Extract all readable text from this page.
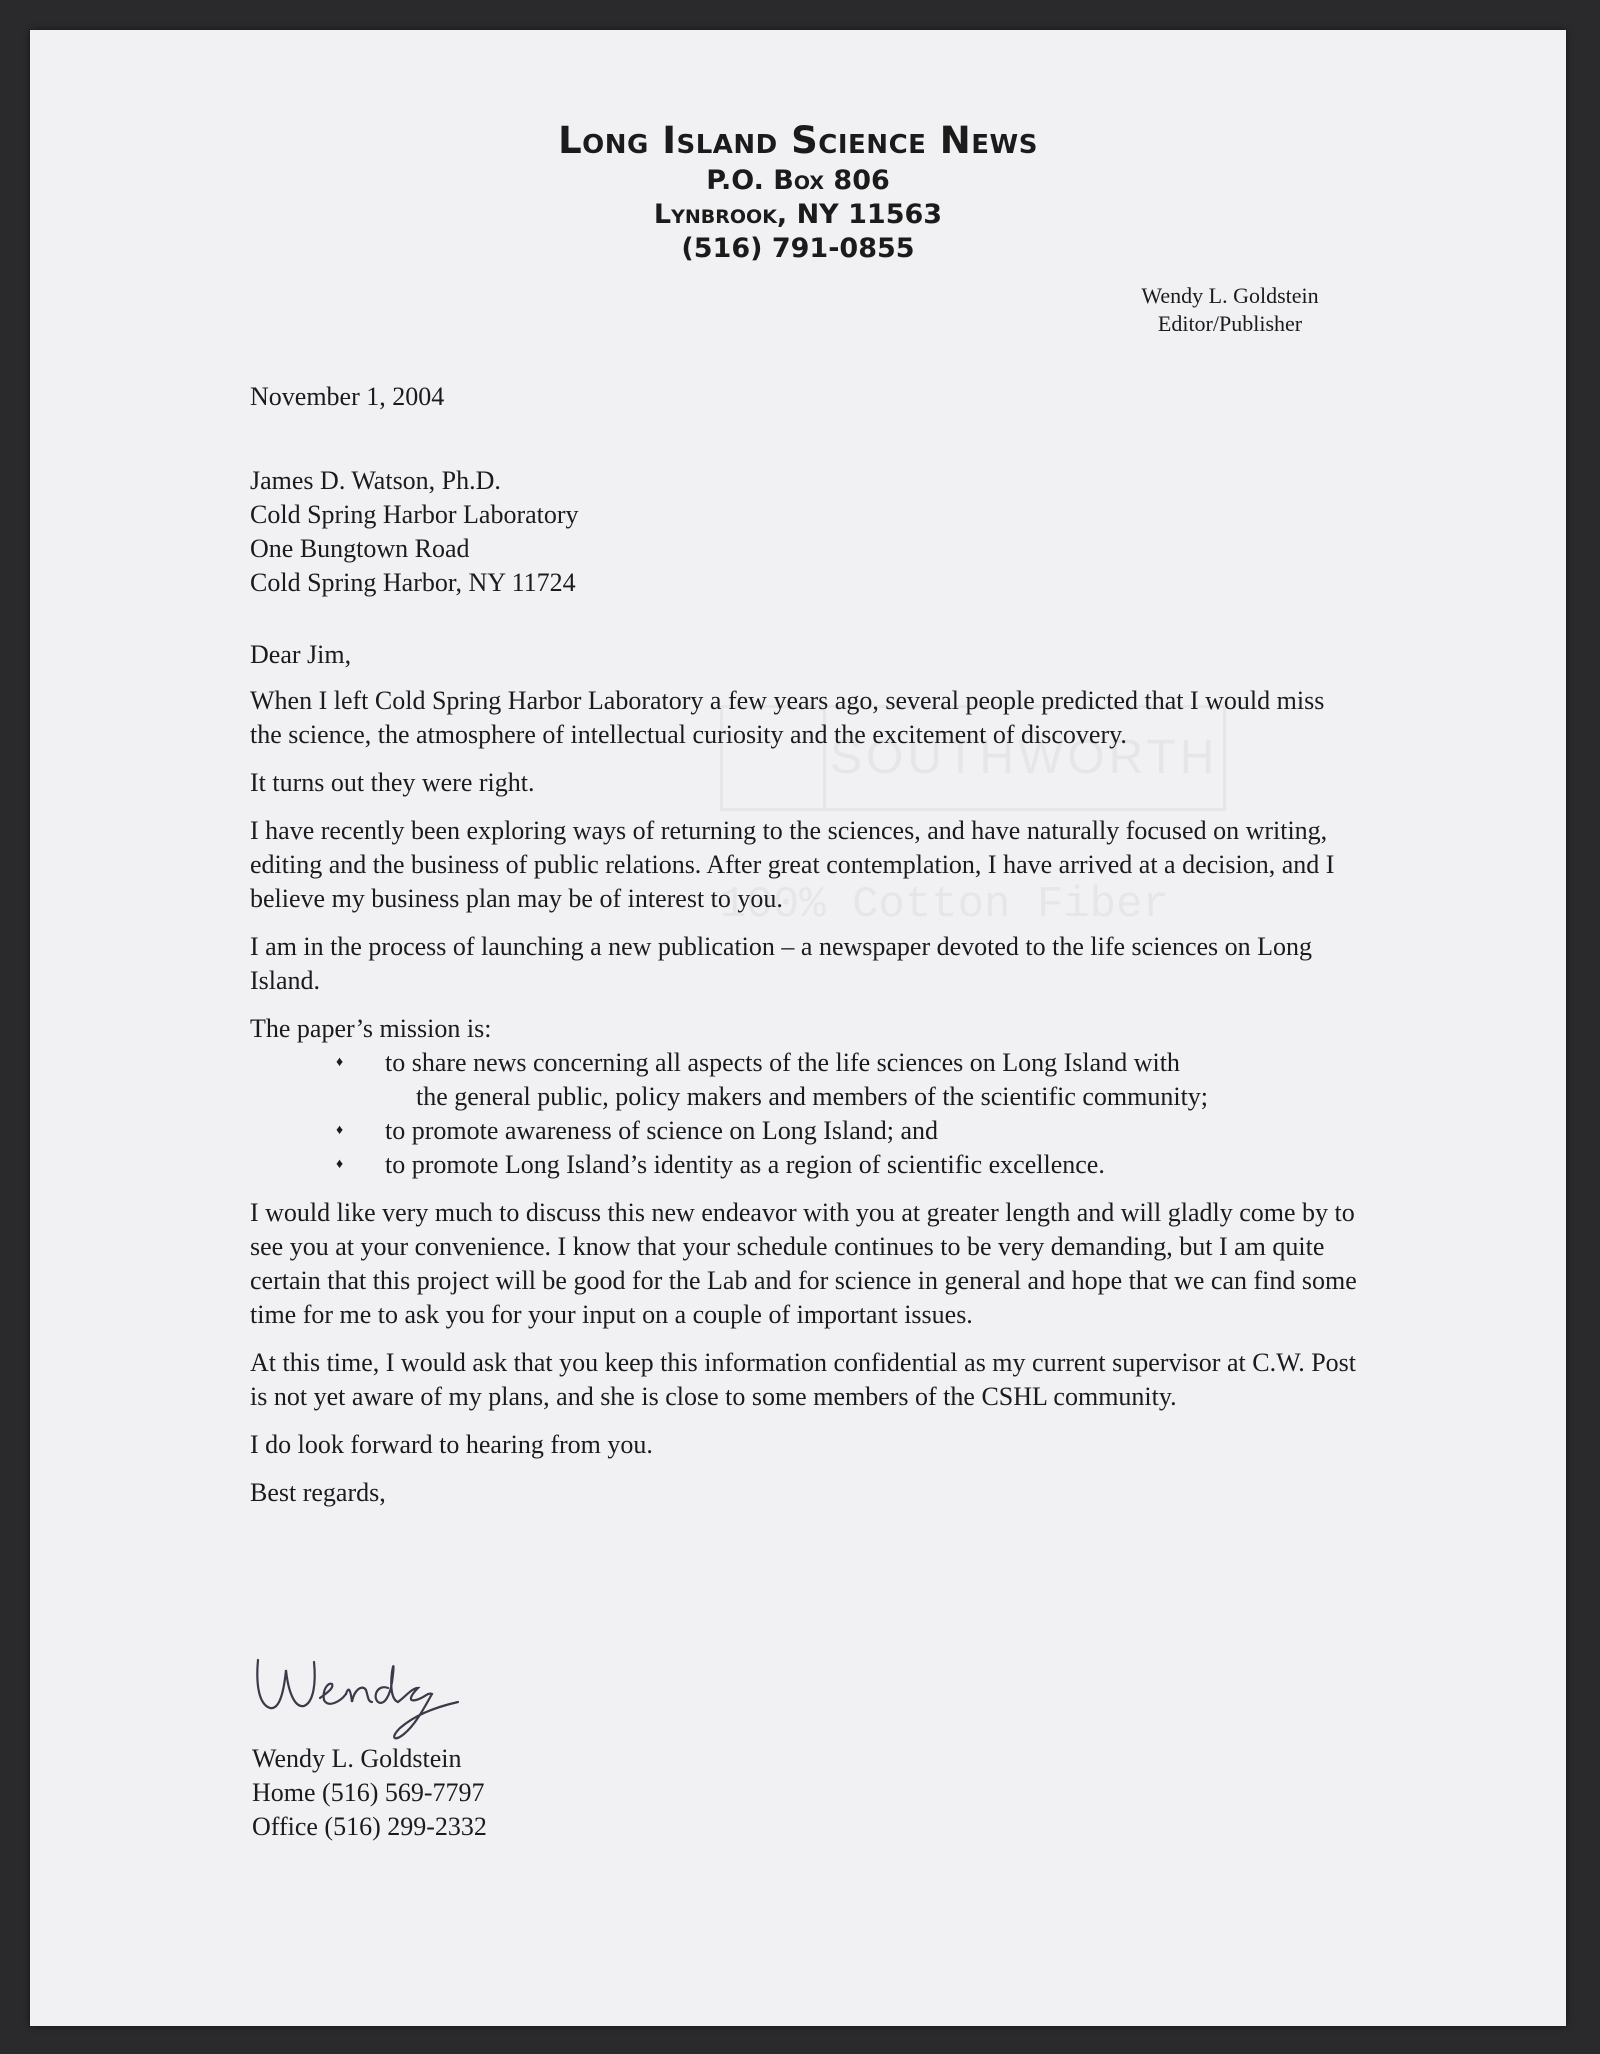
SOUTHWORTH
100% Cotton Fiber
Long Island Science News
P.O. Box 806
Lynbrook, NY 11563
(516) 791-0855
Wendy L. Goldstein
Editor/Publisher
November 1, 2004
James D. Watson, Ph.D.
Cold Spring Harbor Laboratory
One Bungtown Road
Cold Spring Harbor, NY 11724
Dear Jim,

When I left Cold Spring Harbor Laboratory a few years ago, several people predicted that I would miss the science, the atmosphere of intellectual curiosity and the excitement of discovery.

It turns out they were right.

I have recently been exploring ways of returning to the sciences, and have naturally focused on writing, editing and the business of public relations. After great contemplation, I have arrived at a decision, and I believe my business plan may be of interest to you.

I am in the process of launching a new publication – a newspaper devoted to the life sciences on Long Island.

The paper’s mission is:

♦ to share news concerning all aspects of the life sciences on Long Island with
the general public, policy makers and members of the scientific community;
♦ to promote awareness of science on Long Island; and
♦ to promote Long Island’s identity as a region of scientific excellence.

I would like very much to discuss this new endeavor with you at greater length and will gladly come by to see you at your convenience. I know that your schedule continues to be very demanding, but I am quite certain that this project will be good for the Lab and for science in general and hope that we can find some time for me to ask you for your input on a couple of important issues.

At this time, I would ask that you keep this information confidential as my current supervisor at C.W. Post is not yet aware of my plans, and she is close to some members of the CSHL community.

I do look forward to hearing from you.

Best regards,

Wendy L. Goldstein
Home (516) 569-7797
Office (516) 299-2332
